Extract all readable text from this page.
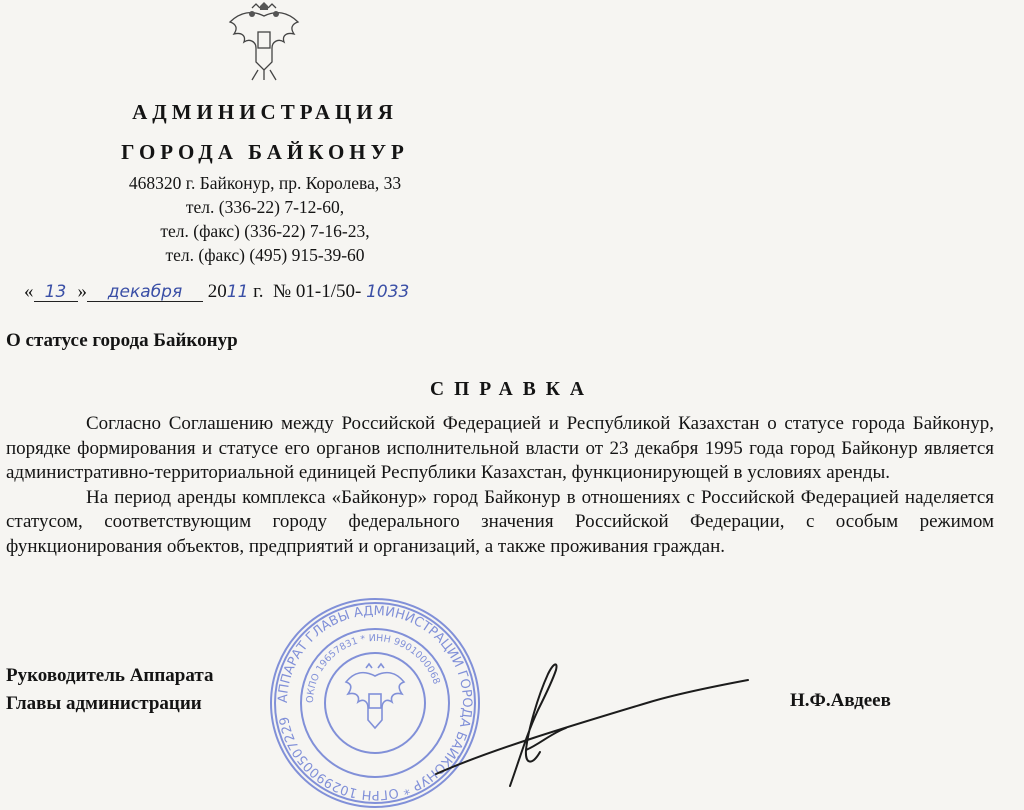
АДМИНИСТРАЦИЯ
ГОРОДА БАЙКОНУР
468320 г. Байконур, пр. Королева, 33
тел. (336-22) 7-12-60,
тел. (факс) (336-22) 7-16-23,
тел. (факс) (495) 915-39-60
« 13 » декабря 2011 г. № 01-1/50- 1033
О статусе города Байконур
СПРАВКА

Согласно Соглашению между Российской Федерацией и Республикой Казахстан о статусе города Байконур, порядке формирования и статусе его органов исполнительной власти от 23 декабря 1995 года город Байконур является административно-территориальной единицей Республики Казахстан, функционирующей в условиях аренды.

На период аренды комплекса «Байконур» город Байконур в отношениях с Российской Федерацией наделяется статусом, соответствующим городу федерального значения Российской Федерации, с особым режимом функционирования объектов, предприятий и организаций, а также проживания граждан.

Руководитель Аппарата
Главы администрации	Н.Ф.Авдеев
АППАРАТ ГЛАВЫ АДМИНИСТРАЦИИ ГОРОДА БАЙКОНУР * ОГРН 1029900507229
ОКПО 19657831 * ИНН 9901000068
